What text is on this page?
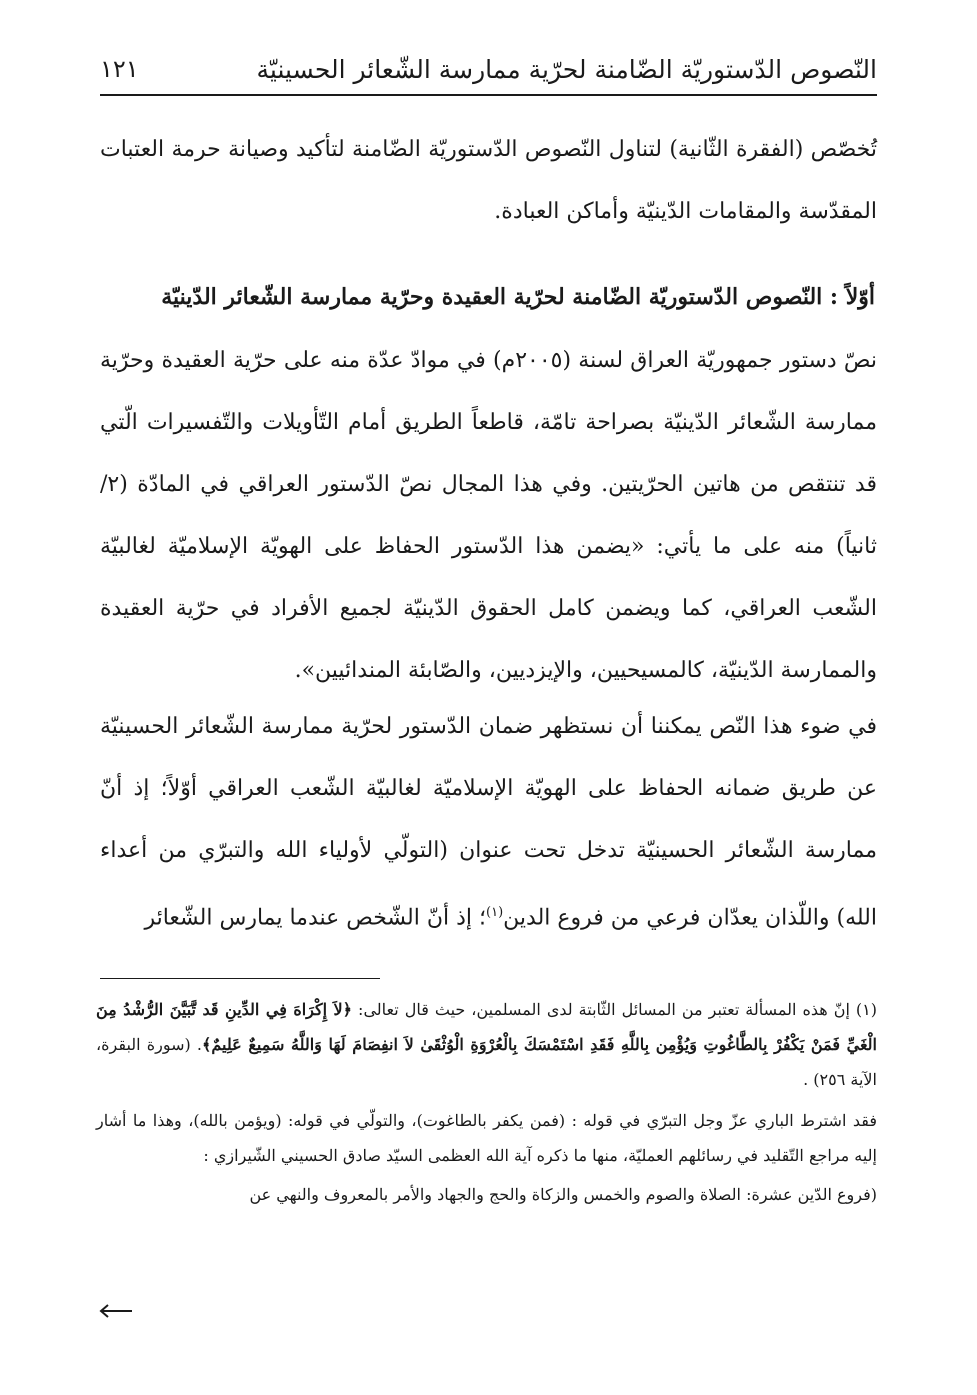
النّصوص الدّستوريّة الضّامنة لحرّية ممارسة الشّعائر الحسينيّة
١٢١

تُخصّص (الفقرة الثّانية) لتناول النّصوص الدّستوريّة الضّامنة لتأكيد وصيانة حرمة العتبات المقدّسة والمقامات الدّينيّة وأماكن العبادة.

أوّلاً : النّصوص الدّستوريّة الضّامنة لحرّية العقيدة وحرّية ممارسة الشّعائر الدّينيّة

نصّ دستور جمهوريّة العراق لسنة (٢٠٠٥م) في موادّ عدّة منه على حرّية العقيدة وحرّية ممارسة الشّعائر الدّينيّة بصراحة تامّة، قاطعاً الطريق أمام التّأويلات والتّفسيرات الّتي قد تنتقص من هاتين الحرّيتين. وفي هذا المجال نصّ الدّستور العراقي في المادّة (٢/ ثانياً) منه على ما يأتي: «يضمن هذا الدّستور الحفاظ على الهويّة الإسلاميّة لغالبيّة الشّعب العراقي، كما ويضمن كامل الحقوق الدّينيّة لجميع الأفراد في حرّية العقيدة والممارسة الدّينيّة، كالمسيحيين، والإيزديين، والصّابئة المندائيين».

في ضوء هذا النّص يمكننا أن نستظهر ضمان الدّستور لحرّية ممارسة الشّعائر الحسينيّة عن طريق ضمانه الحفاظ على الهويّة الإسلاميّة لغالبيّة الشّعب العراقي أوّلاً؛ إذ أنّ ممارسة الشّعائر الحسينيّة تدخل تحت عنوان (التولّي لأولياء الله والتبرّي من أعداء الله) واللّذان يعدّان فرعي من فروع الدين$^{(١)}$؛ إذ أنّ الشّخص عندما يمارس الشّعائر

(١) إنّ هذه المسألة تعتبر من المسائل الثّابتة لدى المسلمين، حيث قال تعالى: ﴿لاَ إِكْرَاهَ فِي الدِّينِ قَد تَّبَيَّنَ الرُّشْدُ مِنَ الْغَيِّ فَمَنْ يَكْفُرْ بِالطَّاغُوتِ وَيُؤْمِن بِاللَّهِ فَقَدِ اسْتَمْسَكَ بِالْعُرْوَةِ الْوُثْقَىٰ لاَ انفِصَامَ لَهَا وَاللَّهُ سَمِيعٌ عَلِيمٌ﴾. (سورة البقرة، الآية ٢٥٦) .

فقد اشترط الباري عزّ وجل التبرّي في قوله : (فمن يكفر بالطاغوت)، والتولّي في قوله: (ويؤمن بالله)، وهذا ما أشار إليه مراجع التّقليد في رسائلهم العمليّة، منها ما ذكره آية الله العظمى السيّد صادق الحسيني الشّيرازي :

(فروع الدّين عشرة: الصلاة والصوم والخمس والزكاة والحج والجهاد والأمر بالمعروف والنهي عن
